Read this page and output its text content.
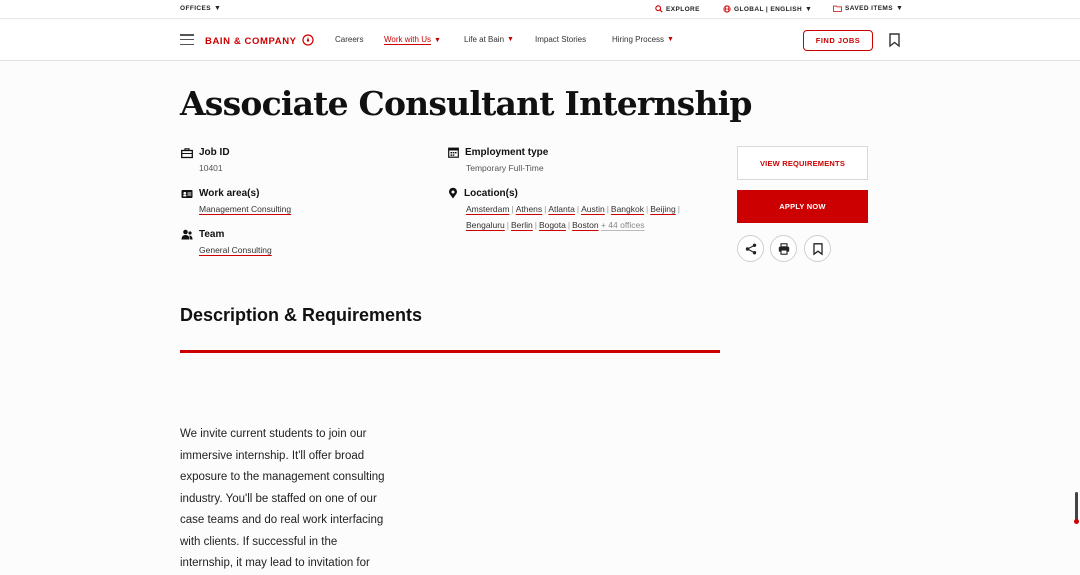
OFFICES ▼	EXPLORE	GLOBAL | ENGLISH ▼	SAVED ITEMS ▼
BAIN & COMPANY	Careers	Work with Us ▼	Life at Bain ▼	Impact Stories	Hiring Process ▼	FIND JOBS
Associate Consultant Internship
Job ID
10401
Work area(s)
Management Consulting
Team
General Consulting
Employment type
Temporary Full-Time
Location(s)
Amsterdam | Athens | Atlanta | Austin | Bangkok | Beijing |
Bengaluru | Berlin | Bogota | Boston + 44 offices
VIEW REQUIREMENTS
APPLY NOW
Description & Requirements
We invite current students to join our
immersive internship. It'll offer broad
exposure to the management consulting
industry. You'll be staffed on one of our
case teams and do real work interfacing
with clients. If successful in the
internship, it may lead to invitation for
